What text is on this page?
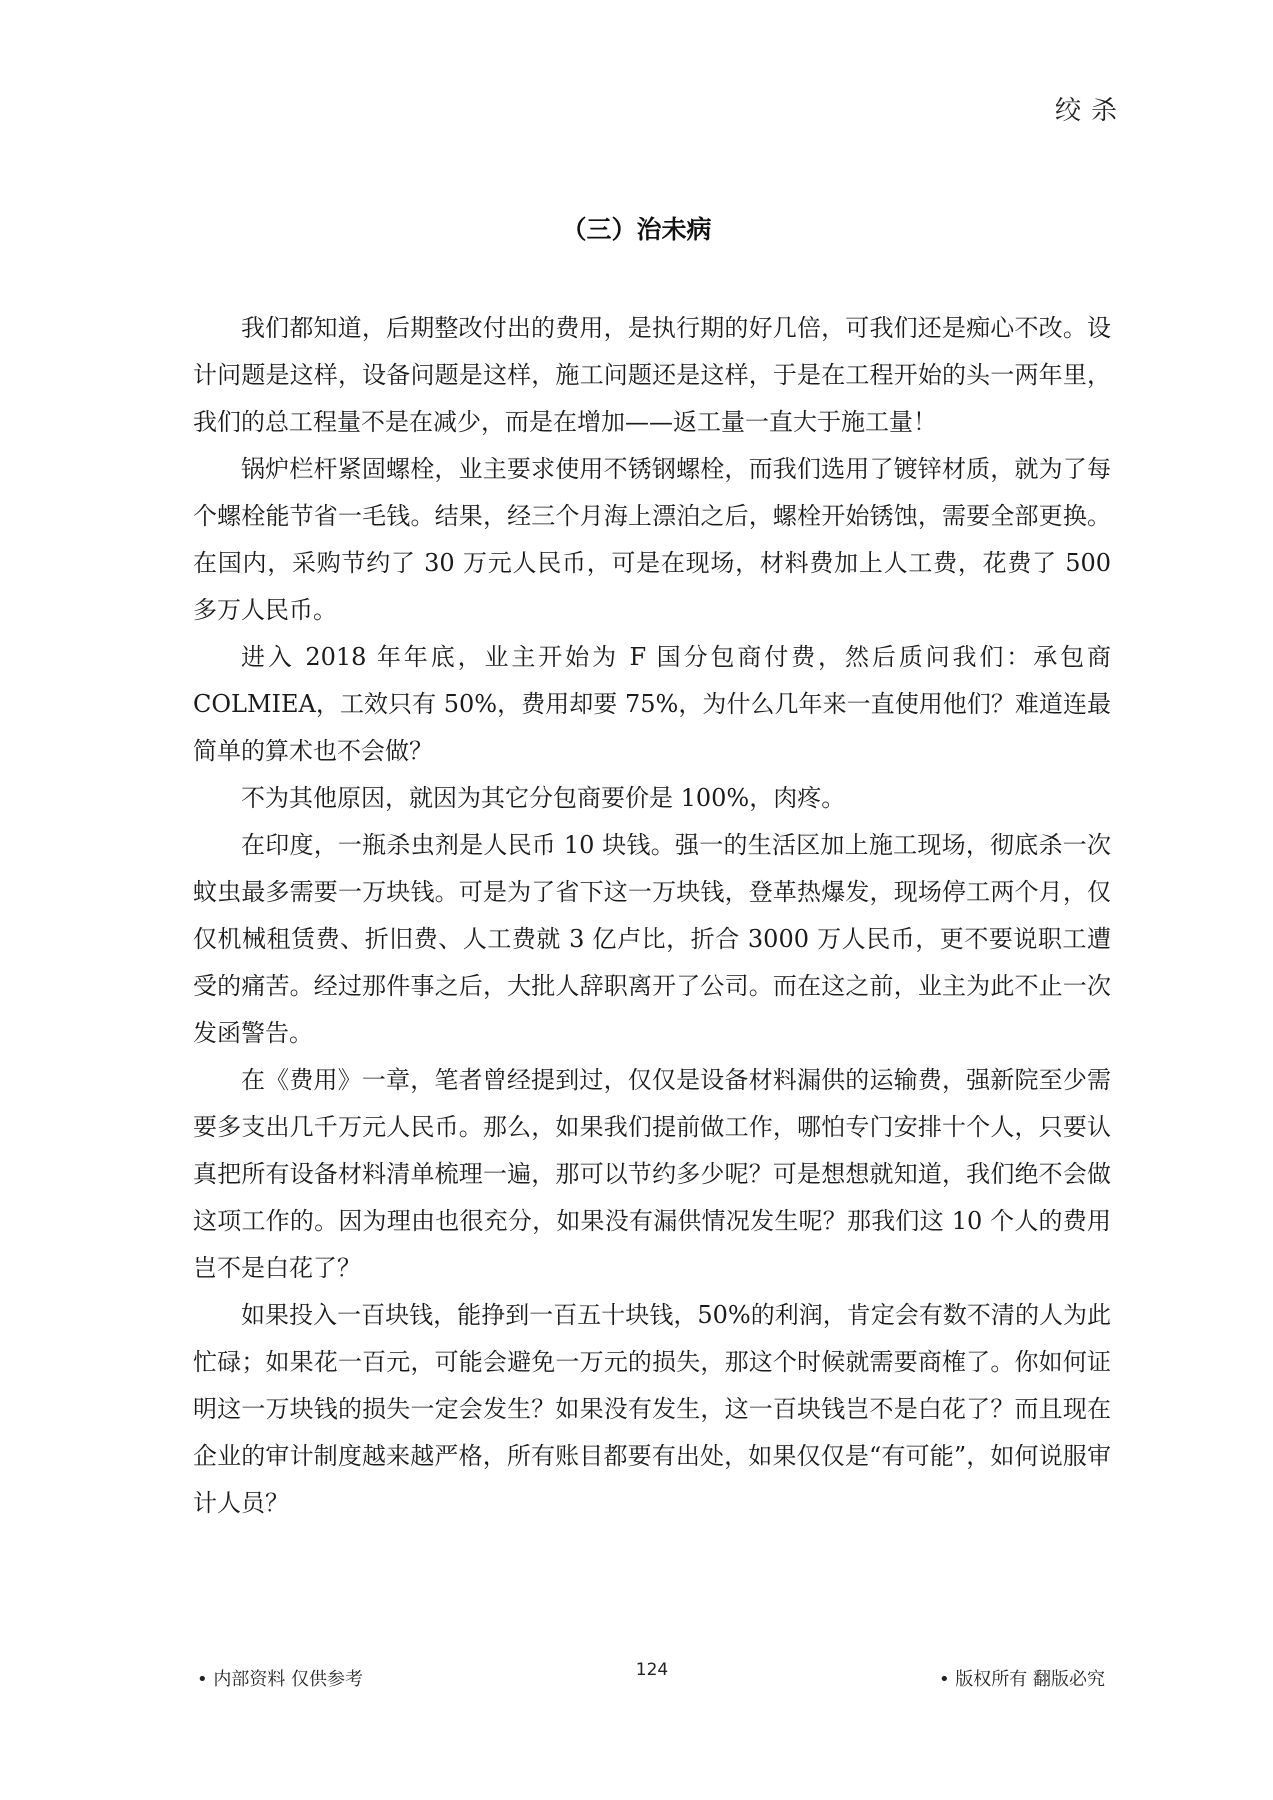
绞杀
（三）治未病

我们都知道，后期整改付出的费用，是执行期的好几倍，可我们还是痴心不改。设计问题是这样，设备问题是这样，施工问题还是这样，于是在工程开始的头一两年里，我们的总工程量不是在减少，而是在增加——返工量一直大于施工量！

锅炉栏杆紧固螺栓，业主要求使用不锈钢螺栓，而我们选用了镀锌材质，就为了每个螺栓能节省一毛钱。结果，经三个月海上漂泊之后，螺栓开始锈蚀，需要全部更换。在国内，采购节约了 30 万元人民币，可是在现场，材料费加上人工费，花费了 500 多万人民币。

进入 2018 年年底，业主开始为 F 国分包商付费，然后质问我们：承包商 COLMIEA，工效只有 50%，费用却要 75%，为什么几年来一直使用他们？难道连最简单的算术也不会做？

不为其他原因，就因为其它分包商要价是 100%，肉疼。

在印度，一瓶杀虫剂是人民币 10 块钱。强一的生活区加上施工现场，彻底杀一次蚊虫最多需要一万块钱。可是为了省下这一万块钱，登革热爆发，现场停工两个月，仅仅机械租赁费、折旧费、人工费就 3 亿卢比，折合 3000 万人民币，更不要说职工遭受的痛苦。经过那件事之后，大批人辞职离开了公司。而在这之前，业主为此不止一次发函警告。

在《费用》一章，笔者曾经提到过，仅仅是设备材料漏供的运输费，强新院至少需要多支出几千万元人民币。那么，如果我们提前做工作，哪怕专门安排十个人，只要认真把所有设备材料清单梳理一遍，那可以节约多少呢？可是想想就知道，我们绝不会做这项工作的。因为理由也很充分，如果没有漏供情况发生呢？那我们这 10 个人的费用岂不是白花了？

如果投入一百块钱，能挣到一百五十块钱，50%的利润，肯定会有数不清的人为此忙碌；如果花一百元，可能会避免一万元的损失，那这个时候就需要商榷了。你如何证明这一万块钱的损失一定会发生？如果没有发生，这一百块钱岂不是白花了？而且现在企业的审计制度越来越严格，所有账目都要有出处，如果仅仅是“有可能”，如何说服审计人员？

• 内部资料 仅供参考	124	• 版权所有 翻版必究
